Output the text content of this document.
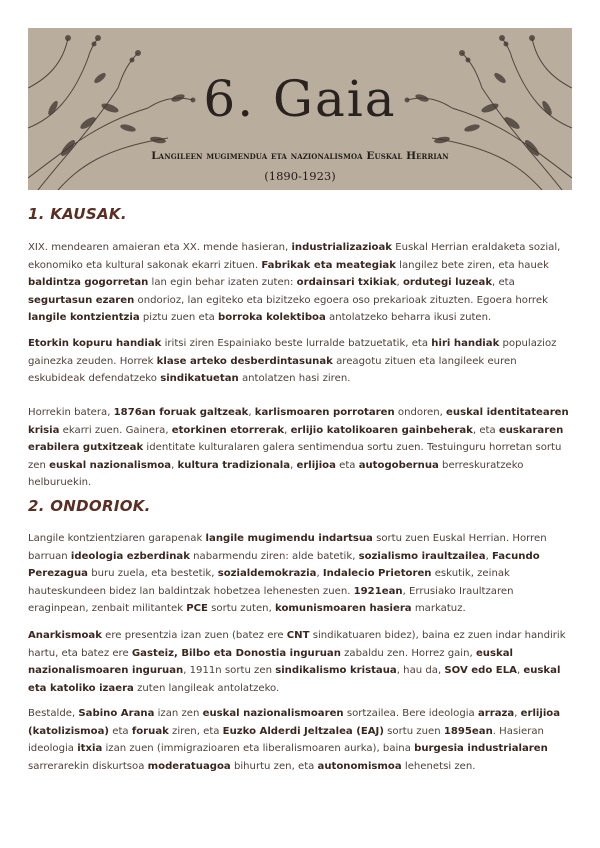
6. Gaia
Langileen mugimendua eta nazionalismoa Euskal Herrian
(1890-1923)
1. KAUSAK.
XIX. mendearen amaieran eta XX. mende hasieran, industrializazioak Euskal Herrian eraldaketa sozial, ekonomiko eta kultural sakonak ekarri zituen. Fabrikak eta meategiak langilez bete ziren, eta hauek baldintza gogorretan lan egin behar izaten zuten: ordainsari txikiak, ordutegi luzeak, eta segurtasun ezaren ondorioz, lan egiteko eta bizitzeko egoera oso prekarioak zituzten. Egoera horrek langile kontzientzia piztu zuen eta borroka kolektiboa antolatzeko beharra ikusi zuten.
Etorkin kopuru handiak iritsi ziren Espainiako beste lurralde batzuetatik, eta hiri handiak populazioz gainezka zeuden. Horrek klase arteko desberdintasunak areagotu zituen eta langileek euren eskubideak defendatzeko sindikatuetan antolatzen hasi ziren.
Horrekin batera, 1876an foruak galtzeak, karlismoaren porrotaren ondoren, euskal identitatearen krisia ekarri zuen. Gainera, etorkinen etorrerak, erlijio katolikoaren gainbeherak, eta euskararen erabilera gutxitzeak identitate kulturalaren galera sentimendua sortu zuen. Testuinguru horretan sortu zen euskal nazionalismoa, kultura tradizionala, erlijioa eta autogobernua berreskuratzeko helburuekin.
2. ONDORIOK.
Langile kontzientziaren garapenak langile mugimendu indartsua sortu zuen Euskal Herrian. Horren barruan ideologia ezberdinak nabarmendu ziren: alde batetik, sozialismo iraultzailea, Facundo Perezagua buru zuela, eta bestetik, sozialdemokrazia, Indalecio Prietoren eskutik, zeinak hauteskundeen bidez lan baldintzak hobetzea lehenesten zuen. 1921ean, Errusiako Iraultzaren eraginpean, zenbait militantek PCE sortu zuten, komunismoaren hasiera markatuz.
Anarkismoak ere presentzia izan zuen (batez ere CNT sindikatuaren bidez), baina ez zuen indar handirik hartu, eta batez ere Gasteiz, Bilbo eta Donostia inguruan zabaldu zen. Horrez gain, euskal nazionalismoaren inguruan, 1911n sortu zen sindikalismo kristaua, hau da, SOV edo ELA, euskal eta katoliko izaera zuten langileak antolatzeko.
Bestalde, Sabino Arana izan zen euskal nazionalismoaren sortzailea. Bere ideologia arraza, erlijioa (katolizismoa) eta foruak ziren, eta Euzko Alderdi Jeltzalea (EAJ) sortu zuen 1895ean. Hasieran ideologia itxia izan zuen (immigrazioaren eta liberalismoaren aurka), baina burgesia industrialaren sarrerarekin diskurtsoa moderatuagoa bihurtu zen, eta autonomismoa lehenetsi zen.
